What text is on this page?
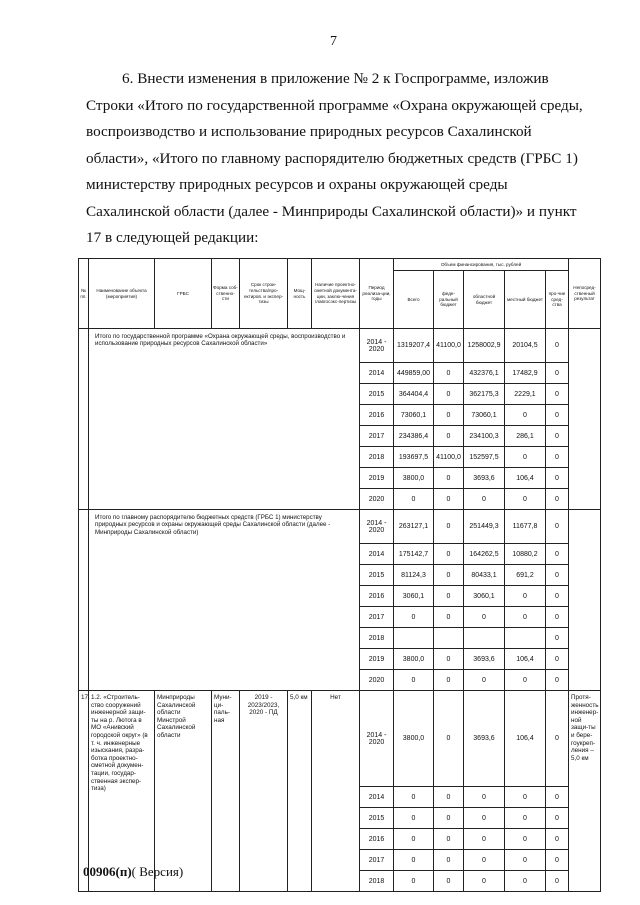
7
6. Внести изменения в приложение № 2 к Госпрограмме, изложив
Строки «Итого по государственной программе «Охрана окружающей среды,
воспроизводство и использование природных ресурсов Сахалинской
области», «Итого по главному распорядителю бюджетных средств (ГРБС 1)
министерству природных ресурсов и охраны окружающей среды
Сахалинской области (далее - Минприроды Сахалинской области)» и пункт
17 в следующей редакции:
№ пп.	Наименование объекта (мероприятия)	ГРБС	Форма соб-ственно-сти	Срок строи-тельства/про-ектиров. и экспер-тизы	Мощ-ность	Наличие проектно-сметной документа-ции, заклю-чения главгосэкс-пертизы	Период реализа-ции, годы	Объем финансирования, тыс. рублей					Непосред-ственный результат
								Всего	феде-ральный бюджет	областной бюджет	местный бюджет	про-чие сред-ства	
	Итого по государственной программе «Охрана окружающей среды, воспроизводство и использование природных ресурсов Сахалинской области»						2014 - 2020	1319207,4	41100,0	1258002,9	20104,5	0	
							2014	449859,00	0	432376,1	17482,9	0	
							2015	364404,4	0	362175,3	2229,1	0	
							2016	73060,1	0	73060,1	0	0	
							2017	234386,4	0	234100,3	286,1	0	
							2018	193697,5	41100,0	152597,5	0	0	
							2019	3800,0	0	3693,6	106,4	0	
							2020	0	0	0	0	0	
	Итого по главному распорядителю бюджетных средств (ГРБС 1) министерству природных ресурсов и охраны окружающей среды Сахалинской области (далее - Минприроды Сахалинской области)						2014 - 2020	263127,1	0	251449,3	11677,8	0	
							2014	175142,7	0	164262,5	10880,2	0	
							2015	81124,3	0	80433,1	691,2	0	
							2016	3060,1	0	3060,1	0	0	
							2017	0	0	0	0	0	
							2018					0	
							2019	3800,0	0	3693,6	106,4	0	
							2020	0	0	0	0	0	
17.	1.2. «Строитель-ство сооружений инженерной защи-ты на р. Лютога в МО «Анивский городской округ» (в т. ч. инженерные изыскания, разра-ботка проектно-сметной докумен-тации, государ-ственная экспер-тиза)	Минприроды Сахалинской области Минстрой Сахалинской области	Муни-ци-паль-ная	2019 - 2023/2023, 2020 - ПД	5,0 км	Нет	2014 - 2020	3800,0	0	3693,6	106,4	0	Протя-женность инженер-ной защи-ты и бере-гоукреп-ления – 5,0 км
							2014	0	0	0	0	0	
							2015	0	0	0	0	0	
							2016	0	0	0	0	0	
							2017	0	0	0	0	0	
							2018	0	0	0	0	0	
00906(п)( Версия)
